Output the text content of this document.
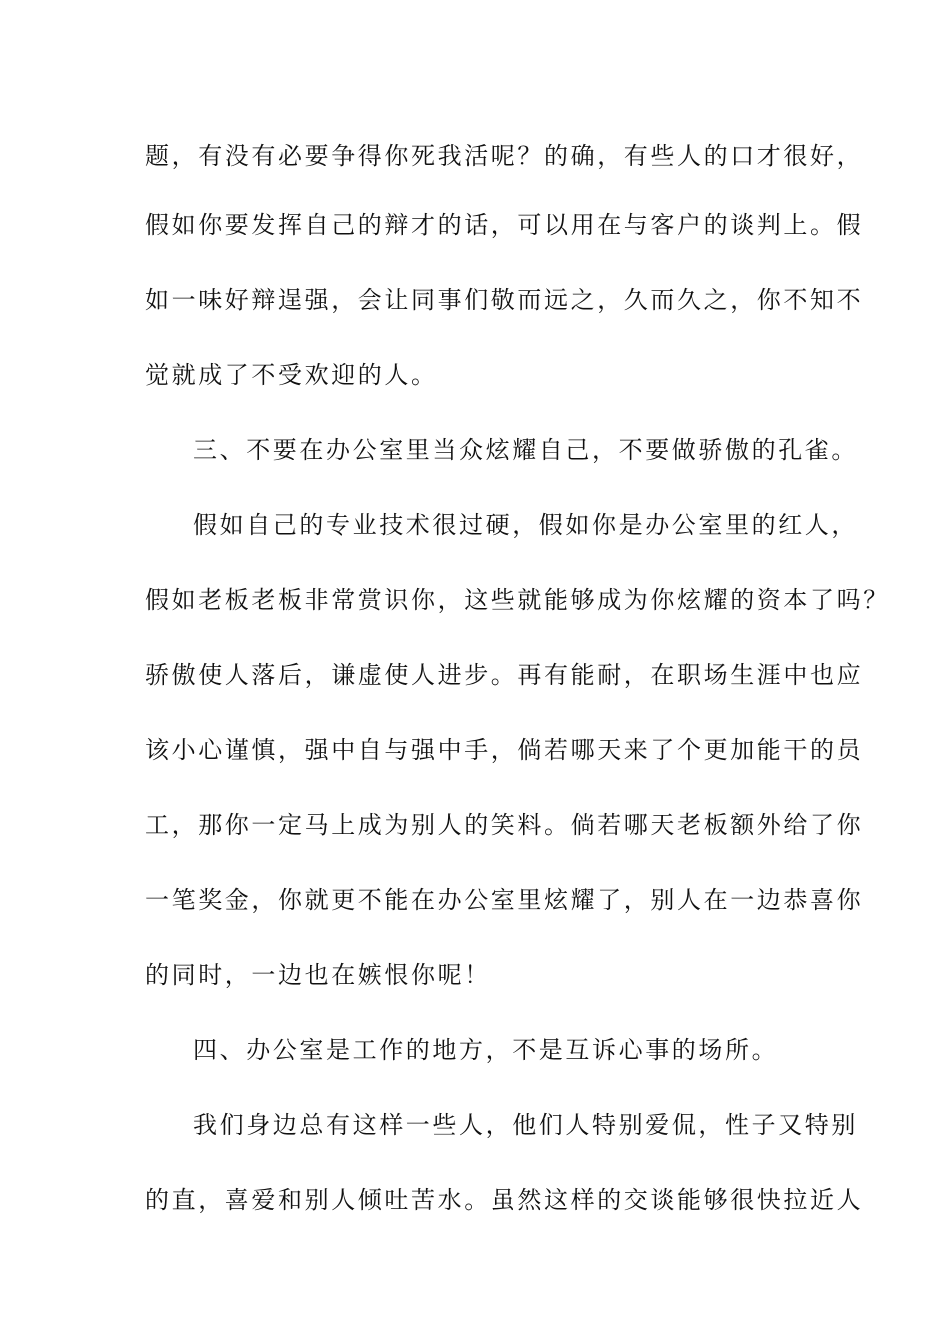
题，有没有必要争得你死我活呢？的确，有些人的口才很好，
假如你要发挥自己的辩才的话，可以用在与客户的谈判上。假
如一味好辩逞强，会让同事们敬而远之，久而久之，你不知不
觉就成了不受欢迎的人。
三、不要在办公室里当众炫耀自己，不要做骄傲的孔雀。
假如自己的专业技术很过硬，假如你是办公室里的红人，
假如老板老板非常赏识你，这些就能够成为你炫耀的资本了吗？
骄傲使人落后，谦虚使人进步。再有能耐，在职场生涯中也应
该小心谨慎，强中自与强中手，倘若哪天来了个更加能干的员
工，那你一定马上成为别人的笑料。倘若哪天老板额外给了你
一笔奖金，你就更不能在办公室里炫耀了，别人在一边恭喜你
的同时，一边也在嫉恨你呢！
四、办公室是工作的地方，不是互诉心事的场所。
我们身边总有这样一些人，他们人特别爱侃，性子又特别
的直，喜爱和别人倾吐苦水。虽然这样的交谈能够很快拉近人
